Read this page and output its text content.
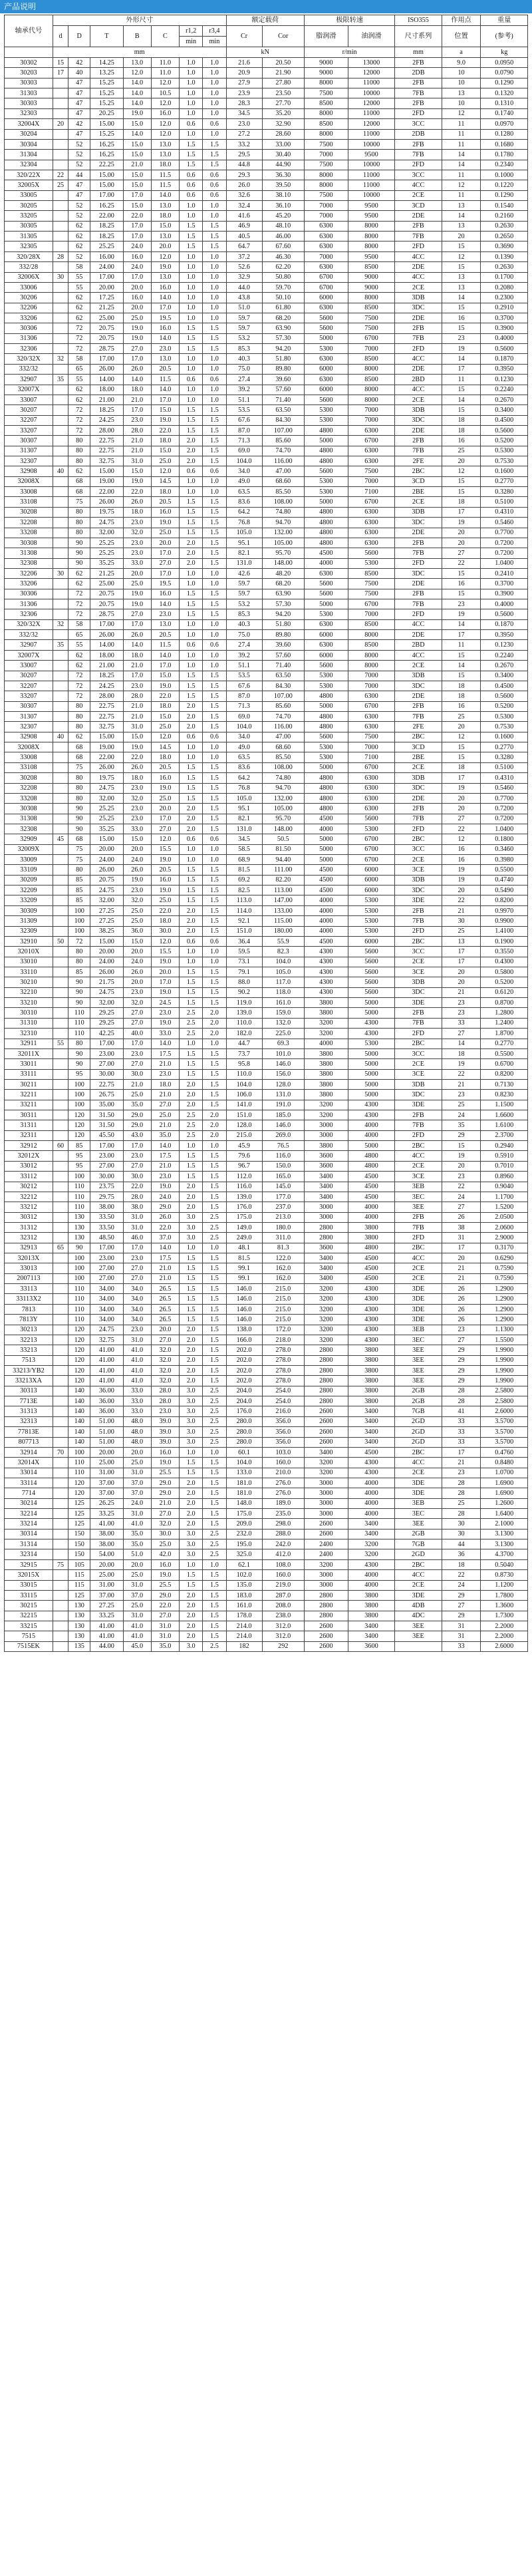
产品说明
轴承代号	外形尺寸							额定载荷		极限转速		ISO355	作用点	重量
	d	D	T	B	C	r1,2	r3,4	Cr	Cor	脂润滑	油润滑	尺寸系列	位置	(参考)
						min	min							
	mm							kN		r/min		mm	a	kg
30302	15	42	14.25	13.0	11.0	1.0	1.0	21.6	20.50	9000	13000	2FB	9.0	0.0950
30203	17	40	13.25	12.0	11.0	1.0	1.0	20.9	21.90	9000	12000	2DB	10	0.0790
30303		47	15.25	14.0	12.0	1.0	1.0	27.9	27.80	8000	11000	2FB	10	0.1290
31303		47	15.25	14.0	10.5	1.0	1.0	23.9	23.50	7500	10000	7FB	13	0.1320
30303		47	15.25	14.0	12.0	1.0	1.0	28.3	27.70	8500	12000	2FB	10	0.1310
32303		47	20.25	19.0	16.0	1.0	1.0	34.5	35.20	8000	11000	2FD	12	0.1740
32004X	20	42	15.00	15.0	12.0	0.6	0.6	23.0	32.90	8500	12000	3CC	11	0.0970
30204		47	15.25	14.0	12.0	1.0	1.0	27.2	28.60	8000	11000	2DB	11	0.1280
30304		52	16.25	15.0	13.0	1.5	1.5	33.2	33.00	7500	10000	2FB	11	0.1680
31304		52	16.25	15.0	13.0	1.5	1.5	29.5	30.40	7000	9500	7FB	14	0.1780
32304		52	22.25	21.0	18.0	1.5	1.5	44.8	44.90	7500	10000	2FD	14	0.2340
320/22X	22	44	15.00	15.0	11.5	0.6	0.6	29.3	36.30	8000	11000	3CC	11	0.1000
32005X	25	47	15.00	15.0	11.5	0.6	0.6	26.0	39.50	8000	11000	4CC	12	0.1220
33005		47	17.00	17.0	14.0	0.6	0.6	32.6	38.10	7500	10000	2CE	11	0.1290
30205		52	16.25	15.0	13.0	1.0	1.0	32.4	36.10	7000	9500	3CD	13	0.1540
33205		52	22.00	22.0	18.0	1.0	1.0	41.6	45.20	7000	9500	2DE	14	0.2160
30305		62	18.25	17.0	15.0	1.5	1.5	46.9	48.10	6300	8000	2FB	13	0.2630
31305		62	18.25	17.0	13.0	1.5	1.5	40.5	46.00	6300	8000	7FB	20	0.2650
32305		62	25.25	24.0	20.0	1.5	1.5	64.7	67.60	6300	8000	2FD	15	0.3690
320/28X	28	52	16.00	16.0	12.0	1.0	1.0	37.2	46.30	7000	9500	4CC	12	0.1390
332/28		58	24.00	24.0	19.0	1.0	1.0	52.6	62.20	6300	8500	2DE	15	0.2630
32006X	30	55	17.00	17.0	13.0	1.0	1.0	32.9	50.80	6700	9000	4CC	13	0.1700
33006		55	20.00	20.0	16.0	1.0	1.0	44.0	59.70	6700	9000	2CE	13	0.2080
30206		62	17.25	16.0	14.0	1.0	1.0	43.8	50.10	6000	8000	3DB	14	0.2300
32206		62	21.25	20.0	17.0	1.0	1.0	51.0	61.80	6300	8500	3DC	15	0.2910
33206		62	25.00	25.0	19.5	1.0	1.0	59.7	68.20	5600	7500	2DE	16	0.3700
30306		72	20.75	19.0	16.0	1.5	1.5	59.7	63.90	5600	7500	2FB	15	0.3900
31306		72	20.75	19.0	14.0	1.5	1.5	53.2	57.30	5000	6700	7FB	23	0.4000
32306		72	28.75	27.0	23.0	1.5	1.5	85.3	94.20	5300	7000	2FD	19	0.5600
320/32X	32	58	17.00	17.0	13.0	1.0	1.0	40.3	51.80	6300	8500	4CC	14	0.1870
332/32		65	26.00	26.0	20.5	1.0	1.0	75.0	89.80	6000	8000	2DE	17	0.3950
32907	35	55	14.00	14.0	11.5	0.6	0.6	27.4	39.60	6300	8500	2BD	11	0.1230
32007X		62	18.00	18.0	14.0	1.0	1.0	39.2	57.60	6000	8000	4CC	15	0.2240
33007		62	21.00	21.0	17.0	1.0	1.0	51.1	71.40	5600	8000	2CE	14	0.2670
30207		72	18.25	17.0	15.0	1.5	1.5	53.5	63.50	5300	7000	3DB	15	0.3400
32207		72	24.25	23.0	19.0	1.5	1.5	67.6	84.30	5300	7000	3DC	18	0.4500
33207		72	28.00	28.0	22.0	1.5	1.5	87.0	107.00	4800	6300	2DE	18	0.5600
30307		80	22.75	21.0	18.0	2.0	1.5	71.3	85.60	5000	6700	2FB	16	0.5200
31307		80	22.75	21.0	15.0	2.0	1.5	69.0	74.70	4800	6300	7FB	25	0.5300
32307		80	32.75	31.0	25.0	2.0	1.5	104.0	116.00	4800	6300	2FE	20	0.7530
32908	40	62	15.00	15.0	12.0	0.6	0.6	34.0	47.00	5600	7500	2BC	12	0.1600
32008X		68	19.00	19.0	14.5	1.0	1.0	49.0	68.60	5300	7000	3CD	15	0.2770
33008		68	22.00	22.0	18.0	1.0	1.0	63.5	85.50	5300	7100	2BE	15	0.3280
33108		75	26.00	26.0	20.5	1.5	1.5	83.6	108.00	5000	6700	2CE	18	0.5100
30208		80	19.75	18.0	16.0	1.5	1.5	64.2	74.80	4800	6300	3DB	17	0.4310
32208		80	24.75	23.0	19.0	1.5	1.5	76.8	94.70	4800	6300	3DC	19	0.5460
33208		80	32.00	32.0	25.0	1.5	1.5	105.0	132.00	4800	6300	2DE	20	0.7700
30308		90	25.25	23.0	20.0	2.0	1.5	95.1	105.00	4800	6300	2FB	20	0.7200
31308		90	25.25	23.0	17.0	2.0	1.5	82.1	95.70	4500	5600	7FB	27	0.7200
32308		90	35.25	33.0	27.0	2.0	1.5	131.0	148.00	4000	5300	2FD	22	1.0400
32206	30	62	21.25	20.0	17.0	1.0	1.0	42.6	48.20	6300	8500	3DC	15	0.2410
33206		62	25.00	25.0	19.5	1.0	1.0	59.7	68.20	5600	7500	2DE	16	0.3700
30306		72	20.75	19.0	16.0	1.5	1.5	59.7	63.90	5600	7500	2FB	15	0.3900
31306		72	20.75	19.0	14.0	1.5	1.5	53.2	57.30	5000	6700	7FB	23	0.4000
32306		72	28.75	27.0	23.0	1.5	1.5	85.3	94.20	5300	7000	2FD	19	0.5600
320/32X	32	58	17.00	17.0	13.0	1.0	1.0	40.3	51.80	6300	8500	4CC	14	0.1870
332/32		65	26.00	26.0	20.5	1.0	1.0	75.0	89.80	6000	8000	2DE	17	0.3950
32907	35	55	14.00	14.0	11.5	0.6	0.6	27.4	39.60	6300	8500	2BD	11	0.1230
32007X		62	18.00	18.0	14.0	1.0	1.0	39.2	57.60	6000	8000	4CC	15	0.2240
33007		62	21.00	21.0	17.0	1.0	1.0	51.1	71.40	5600	8000	2CE	14	0.2670
30207		72	18.25	17.0	15.0	1.5	1.5	53.5	63.50	5300	7000	3DB	15	0.3400
32207		72	24.25	23.0	19.0	1.5	1.5	67.6	84.30	5300	7000	3DC	18	0.4500
33207		72	28.00	28.0	22.0	1.5	1.5	87.0	107.00	4800	6300	2DE	18	0.5600
30307		80	22.75	21.0	18.0	2.0	1.5	71.3	85.60	5000	6700	2FB	16	0.5200
31307		80	22.75	21.0	15.0	2.0	1.5	69.0	74.70	4800	6300	7FB	25	0.5300
32307		80	32.75	31.0	25.0	2.0	1.5	104.0	116.00	4800	6300	2FE	20	0.7530
32908	40	62	15.00	15.0	12.0	0.6	0.6	34.0	47.00	5600	7500	2BC	12	0.1600
32008X		68	19.00	19.0	14.5	1.0	1.0	49.0	68.60	5300	7000	3CD	15	0.2770
33008		68	22.00	22.0	18.0	1.0	1.0	63.5	85.50	5300	7100	2BE	15	0.3280
33108		75	26.00	26.0	20.5	1.5	1.5	83.6	108.00	5000	6700	2CE	18	0.5100
30208		80	19.75	18.0	16.0	1.5	1.5	64.2	74.80	4800	6300	3DB	17	0.4310
32208		80	24.75	23.0	19.0	1.5	1.5	76.8	94.70	4800	6300	3DC	19	0.5460
33208		80	32.00	32.0	25.0	1.5	1.5	105.0	132.00	4800	6300	2DE	20	0.7700
30308		90	25.25	23.0	20.0	2.0	1.5	95.1	105.00	4800	6300	2FB	20	0.7200
31308		90	25.25	23.0	17.0	2.0	1.5	82.1	95.70	4500	5600	7FB	27	0.7200
32308		90	35.25	33.0	27.0	2.0	1.5	131.0	148.00	4000	5300	2FD	22	1.0400
32909	45	68	15.00	15.0	12.0	0.6	0.6	34.5	50.5	5000	6700	2BC	12	0.1800
32009X		75	20.00	20.0	15.5	1.0	1.0	58.5	81.50	5000	6700	3CC	16	0.3460
33009		75	24.00	24.0	19.0	1.0	1.0	68.9	94.40	5000	6700	2CE	16	0.3980
33109		80	26.00	26.0	20.5	1.5	1.5	81.5	111.00	4500	6000	3CE	19	0.5500
30209		85	20.75	19.0	16.0	1.5	1.5	69.2	82.20	4500	6000	3DB	19	0.4740
32209		85	24.75	23.0	19.0	1.5	1.5	82.5	113.00	4500	6000	3DC	20	0.5490
33209		85	32.00	32.0	25.0	1.5	1.5	113.0	147.00	4000	5300	3DE	22	0.8200
30309		100	27.25	25.0	22.0	2.0	1.5	114.0	133.00	4000	5300	2FB	21	0.9970
31309		100	27.25	25.0	18.0	2.0	1.5	92.1	115.00	4000	5300	7FB	30	0.9900
32309		100	38.25	36.0	30.0	2.0	1.5	151.0	180.00	4000	5300	2FD	25	1.4100
32910	50	72	15.00	15.0	12.0	0.6	0.6	36.4	55.9	4500	6000	2BC	13	0.1900
32010X		80	20.00	20.0	15.5	1.0	1.0	59.5	82.3	4300	5600	3CC	17	0.3550
33010		80	24.00	24.0	19.0	1.0	1.0	73.1	104.0	4300	5600	2CE	17	0.4300
33110		85	26.00	26.0	20.0	1.5	1.5	79.1	105.0	4300	5600	3CE	20	0.5800
30210		90	21.75	20.0	17.0	1.5	1.5	88.0	117.0	4300	5600	3DB	20	0.5200
32210		90	24.75	23.0	19.0	1.5	1.5	90.2	118.0	4300	5600	3DC	21	0.6120
33210		90	32.00	32.0	24.5	1.5	1.5	119.0	161.0	3800	5000	3DE	23	0.8700
30310		110	29.25	27.0	23.0	2.5	2.0	139.0	159.0	3800	5000	2FB	23	1.2800
31310		110	29.25	27.0	19.0	2.5	2.0	110.0	132.0	3200	4300	7FB	33	1.2400
32310		110	42.25	40.0	33.0	2.5	2.0	182.0	225.0	3200	4300	2FD	27	1.8700
32911	55	80	17.00	17.0	14.0	1.0	1.0	44.7	69.3	4000	5300	2BC	14	0.2770
32011X		90	23.00	23.0	17.5	1.5	1.5	73.7	101.0	3800	5000	3CC	18	0.5500
33011		90	27.00	27.0	21.0	1.5	1.5	95.8	146.0	3800	5000	2CE	19	0.6700
33111		95	30.00	30.0	23.0	1.5	1.5	110.0	156.0	3800	5000	3CE	22	0.8200
30211		100	22.75	21.0	18.0	2.0	1.5	104.0	128.0	3800	5000	3DB	21	0.7130
32211		100	26.75	25.0	21.0	2.0	1.5	106.0	131.0	3800	5000	3DC	23	0.8230
33211		100	35.00	35.0	27.0	2.0	1.5	141.0	191.0	3200	4300	3DE	25	1.1500
30311		120	31.50	29.0	25.0	2.5	2.0	151.0	185.0	3200	4300	2FB	24	1.6600
31311		120	31.50	29.0	21.0	2.5	2.0	128.0	146.0	3000	4000	7FB	35	1.6100
32311		120	45.50	43.0	35.0	2.5	2.0	215.0	269.0	3000	4000	2FD	29	2.3700
32912	60	85	17.00	17.0	14.0	1.0	1.0	45.9	76.5	3800	5000	2BC	15	0.2940
32012X		95	23.00	23.0	17.5	1.5	1.5	79.6	116.0	3600	4800	4CC	19	0.5910
33012		95	27.00	27.0	21.0	1.5	1.5	96.7	150.0	3600	4800	2CE	20	0.7010
33112		100	30.00	30.0	23.0	1.5	1.5	112.0	165.0	3400	4500	3CE	23	0.8960
30212		110	23.75	22.0	19.0	2.0	1.5	116.0	145.0	3400	4500	3EB	22	0.9040
32212		110	29.75	28.0	24.0	2.0	1.5	139.0	177.0	3400	4500	3EC	24	1.1700
33212		110	38.00	38.0	29.0	2.0	1.5	176.0	237.0	3000	4000	3EE	27	1.5200
30312		130	33.50	31.0	26.0	3.0	2.5	175.0	213.0	3000	4000	2FB	26	2.0500
31312		130	33.50	31.0	22.0	3.0	2.5	149.0	180.0	2800	3800	7FB	38	2.0600
32312		130	48.50	46.0	37.0	3.0	2.5	249.0	311.0	2800	3800	2FD	31	2.9000
32913	65	90	17.00	17.0	14.0	1.0	1.0	48.1	81.3	3600	4800	2BC	17	0.3170
32013X		100	23.00	23.0	17.5	1.5	1.5	81.5	122.0	3400	4500	4CC	20	0.6290
33013		100	27.00	27.0	21.0	1.5	1.5	99.1	162.0	3400	4500	2CE	21	0.7590
2007113		100	27.00	27.0	21.0	1.5	1.5	99.1	162.0	3400	4500	2CE	21	0.7590
33113		110	34.00	34.0	26.5	1.5	1.5	146.0	215.0	3200	4300	3DE	26	1.2900
33113X2		110	34.00	34.0	26.5	1.5	1.5	146.0	215.0	3200	4300	3DE	26	1.2900
7813		110	34.00	34.0	26.5	1.5	1.5	146.0	215.0	3200	4300	3DE	26	1.2900
7813Y		110	34.00	34.0	26.5	1.5	1.5	146.0	215.0	3200	4300	3DE	26	1.2900
30213		120	24.75	23.0	20.0	2.0	1.5	138.0	172.0	3200	4300	3EB	23	1.1300
32213		120	32.75	31.0	27.0	2.0	1.5	166.0	218.0	3200	4300	3EC	27	1.5500
33213		120	41.00	41.0	32.0	2.0	1.5	202.0	278.0	2800	3800	3EE	29	1.9900
7513		120	41.00	41.0	32.0	2.0	1.5	202.0	278.0	2800	3800	3EE	29	1.9900
33213/YB2		120	41.00	41.0	32.0	2.0	1.5	202.0	278.0	2800	3800	3EE	29	1.9900
33213XA		120	41.00	41.0	32.0	2.0	1.5	202.0	278.0	2800	3800	3EE	29	1.9900
30313		140	36.00	33.0	28.0	3.0	2.5	204.0	254.0	2800	3800	2GB	28	2.5800
7713E		140	36.00	33.0	28.0	3.0	2.5	204.0	254.0	2800	3800	2GB	28	2.5800
31313		140	36.00	33.0	23.0	3.0	2.5	176.0	216.0	2600	3400	7GB	41	2.6000
32313		140	51.00	48.0	39.0	3.0	2.5	280.0	356.0	2600	3400	2GD	33	3.5700
77813E		140	51.00	48.0	39.0	3.0	2.5	280.0	356.0	2600	3400	2GD	33	3.5700
807713		140	51.00	48.0	39.0	3.0	2.5	280.0	356.0	2600	3400	2GD	33	3.5700
32914	70	100	20.00	20.0	16.0	1.0	1.0	60.1	103.0	3400	4500	2BC	17	0.4760
32014X		110	25.00	25.0	19.0	1.5	1.5	104.0	160.0	3200	4300	4CC	21	0.8480
33014		110	31.00	31.0	25.5	1.5	1.5	133.0	210.0	3200	4300	2CE	23	1.0700
33114		120	37.00	37.0	29.0	2.0	1.5	181.0	276.0	3000	4000	3DE	28	1.6900
7714		120	37.00	37.0	29.0	2.0	1.5	181.0	276.0	3000	4000	3DE	28	1.6900
30214		125	26.25	24.0	21.0	2.0	1.5	148.0	189.0	3000	4000	3EB	25	1.2600
32214		125	33.25	31.0	27.0	2.0	1.5	175.0	235.0	3000	4000	3EC	28	1.6400
33214		125	41.00	41.0	32.0	2.0	1.5	209.0	298.0	2600	3400	3EE	30	2.1000
30314		150	38.00	35.0	30.0	3.0	2.5	232.0	288.0	2600	3400	2GB	30	3.1300
31314		150	38.00	35.0	25.0	3.0	2.5	195.0	242.0	2400	3200	7GB	44	3.1300
32314		150	54.00	51.0	42.0	3.0	2.5	325.0	412.0	2400	3200	2GD	36	4.3700
32915	75	105	20.00	20.0	16.0	1.0	1.0	62.1	108.0	3200	4300	2BC	18	0.5040
32015X		115	25.00	25.0	19.0	1.5	1.5	102.0	160.0	3000	4000	4CC	22	0.8730
33015		115	31.00	31.0	25.5	1.5	1.5	135.0	219.0	3000	4000	2CE	24	1.1200
33115		125	37.00	37.0	29.0	2.0	1.5	183.0	287.0	2800	3800	3DE	29	1.7800
30215		130	27.25	25.0	22.0	2.0	1.5	161.0	208.0	2800	3800	4DB	27	1.3600
32215		130	33.25	31.0	27.0	2.0	1.5	178.0	238.0	2800	3800	4DC	29	1.7300
33215		130	41.00	41.0	31.0	2.0	1.5	214.0	312.0	2600	3400	3EE	31	2.2000
7515		130	41.00	41.0	31.0	2.0	1.5	214.0	312.0	2600	3400	3EE	31	2.2000
7515EK		135	44.00	45.0	35.0	3.0	2.5	182	292	2600	3600		33	2.6000
